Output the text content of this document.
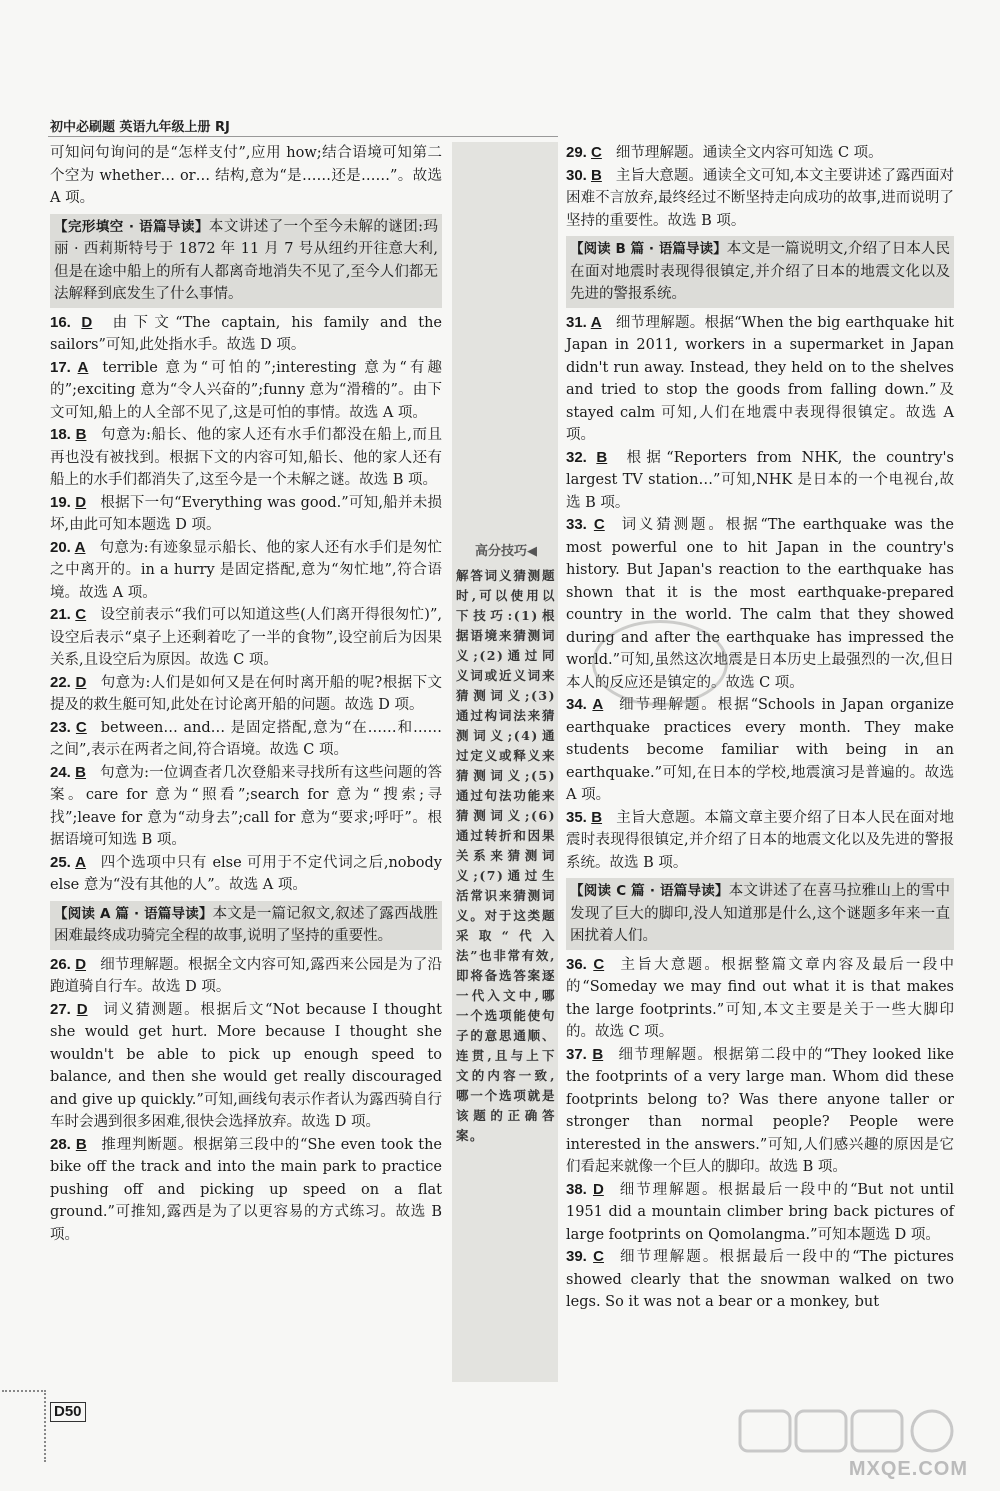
初中必刷题 英语九年级上册 RJ
可知问句询问的是“怎样支付”,应用 how;结合语境可知第二个空为 whether… or… 结构,意为“是……还是……”。故选 A 项。
【完形填空 · 语篇导读】本文讲述了一个至今未解的谜团:玛丽 · 西莉斯特号于 1872 年 11 月 7 号从纽约开往意大利,但是在途中船上的所有人都离奇地消失不见了,至今人们都无法解释到底发生了什么事情。
16. D 由下文“The captain, his family and the sailors”可知,此处指水手。故选 D 项。
17. A terrible 意为“可怕的”;interesting 意为“有趣的”;exciting 意为“令人兴奋的”;funny 意为“滑稽的”。由下文可知,船上的人全部不见了,这是可怕的事情。故选 A 项。
18. B 句意为:船长、他的家人还有水手们都没在船上,而且再也没有被找到。根据下文的内容可知,船长、他的家人还有船上的水手们都消失了,这至今是一个未解之谜。故选 B 项。
19. D 根据下一句“Everything was good.”可知,船并未损坏,由此可知本题选 D 项。
20. A 句意为:有迹象显示船长、他的家人还有水手们是匆忙之中离开的。in a hurry 是固定搭配,意为“匆忙地”,符合语境。故选 A 项。
21. C 设空前表示“我们可以知道这些(人们离开得很匆忙)”,设空后表示“桌子上还剩着吃了一半的食物”,设空前后为因果关系,且设空后为原因。故选 C 项。
22. D 句意为:人们是如何又是在何时离开船的呢?根据下文提及的救生艇可知,此处在讨论离开船的问题。故选 D 项。
23. C between… and… 是固定搭配,意为“在……和……之间”,表示在两者之间,符合语境。故选 C 项。
24. B 句意为:一位调查者几次登船来寻找所有这些问题的答案。care for 意为“照看”;search for 意为“搜索;寻找”;leave for 意为“动身去”;call for 意为“要求;呼吁”。根据语境可知选 B 项。
25. A 四个选项中只有 else 可用于不定代词之后,nobody else 意为“没有其他的人”。故选 A 项。
【阅读 A 篇 · 语篇导读】本文是一篇记叙文,叙述了露西战胜困难最终成功骑完全程的故事,说明了坚持的重要性。
26. D 细节理解题。根据全文内容可知,露西来公园是为了沿跑道骑自行车。故选 D 项。
27. D 词义猜测题。根据后文“Not because I thought she would get hurt. More because I thought she wouldn't be able to pick up enough speed to balance, and then she would get really discouraged and give up quickly.”可知,画线句表示作者认为露西骑自行车时会遇到很多困难,很快会选择放弃。故选 D 项。
28. B 推理判断题。根据第三段中的“She even took the bike off the track and into the main park to practice pushing off and picking up speed on a flat ground.”可推知,露西是为了以更容易的方式练习。故选 B 项。
高分技巧◀
解答词义猜测题时,可以使用以下技巧:(1)根据语境来猜测词义;(2)通过同义词或近义词来猜测词义;(3)通过构词法来猜测词义;(4)通过定义或释义来猜测词义;(5)通过句法功能来猜测词义;(6)通过转折和因果关系来猜测词义;(7)通过生活常识来猜测词义。对于这类题采取“代入法”也非常有效,即将备选答案逐一代入文中,哪一个选项能使句子的意思通顺、连贯,且与上下文的内容一致,哪一个选项就是该题的正确答案。
29. C 细节理解题。通读全文内容可知选 C 项。
30. B 主旨大意题。通读全文可知,本文主要讲述了露西面对困难不言放弃,最终经过不断坚持走向成功的故事,进而说明了坚持的重要性。故选 B 项。
【阅读 B 篇 · 语篇导读】本文是一篇说明文,介绍了日本人民在面对地震时表现得很镇定,并介绍了日本的地震文化以及先进的警报系统。
31. A 细节理解题。根据“When the big earthquake hit Japan in 2011, workers in a supermarket in Japan didn't run away. Instead, they held on to the shelves and tried to stop the goods from falling down.”及 stayed calm 可知,人们在地震中表现得很镇定。故选 A 项。
32. B 根据“Reporters from NHK, the country's largest TV station…”可知,NHK 是日本的一个电视台,故选 B 项。
33. C 词义猜测题。根据“The earthquake was the most powerful one to hit Japan in the country's history. But Japan's reaction to the earthquake has shown that it is the most earthquake-prepared country in the world. The calm that they showed during and after the earthquake has impressed the world.”可知,虽然这次地震是日本历史上最强烈的一次,但日本人的反应还是镇定的。故选 C 项。
34. A 细节理解题。根据“Schools in Japan organize earthquake practices every month. They make students become familiar with being in an earthquake.”可知,在日本的学校,地震演习是普遍的。故选 A 项。
35. B 主旨大意题。本篇文章主要介绍了日本人民在面对地震时表现得很镇定,并介绍了日本的地震文化以及先进的警报系统。故选 B 项。
【阅读 C 篇 · 语篇导读】本文讲述了在喜马拉雅山上的雪中发现了巨大的脚印,没人知道那是什么,这个谜题多年来一直困扰着人们。
36. C 主旨大意题。根据整篇文章内容及最后一段中的“Someday we may find out what it is that makes the large footprints.”可知,本文主要是关于一些大脚印的。故选 C 项。
37. B 细节理解题。根据第二段中的“They looked like the footprints of a very large man. Whom did these footprints belong to? Was there anyone taller or stronger than normal people? People were interested in the answers.”可知,人们感兴趣的原因是它们看起来就像一个巨人的脚印。故选 B 项。
38. D 细节理解题。根据最后一段中的“But not until 1951 did a mountain climber bring back pictures of large footprints on Qomolangma.”可知本题选 D 项。
39. C 细节理解题。根据最后一段中的“The pictures showed clearly that the snowman walked on two legs. So it was not a bear or a monkey, but
D50
MXQE.COM
